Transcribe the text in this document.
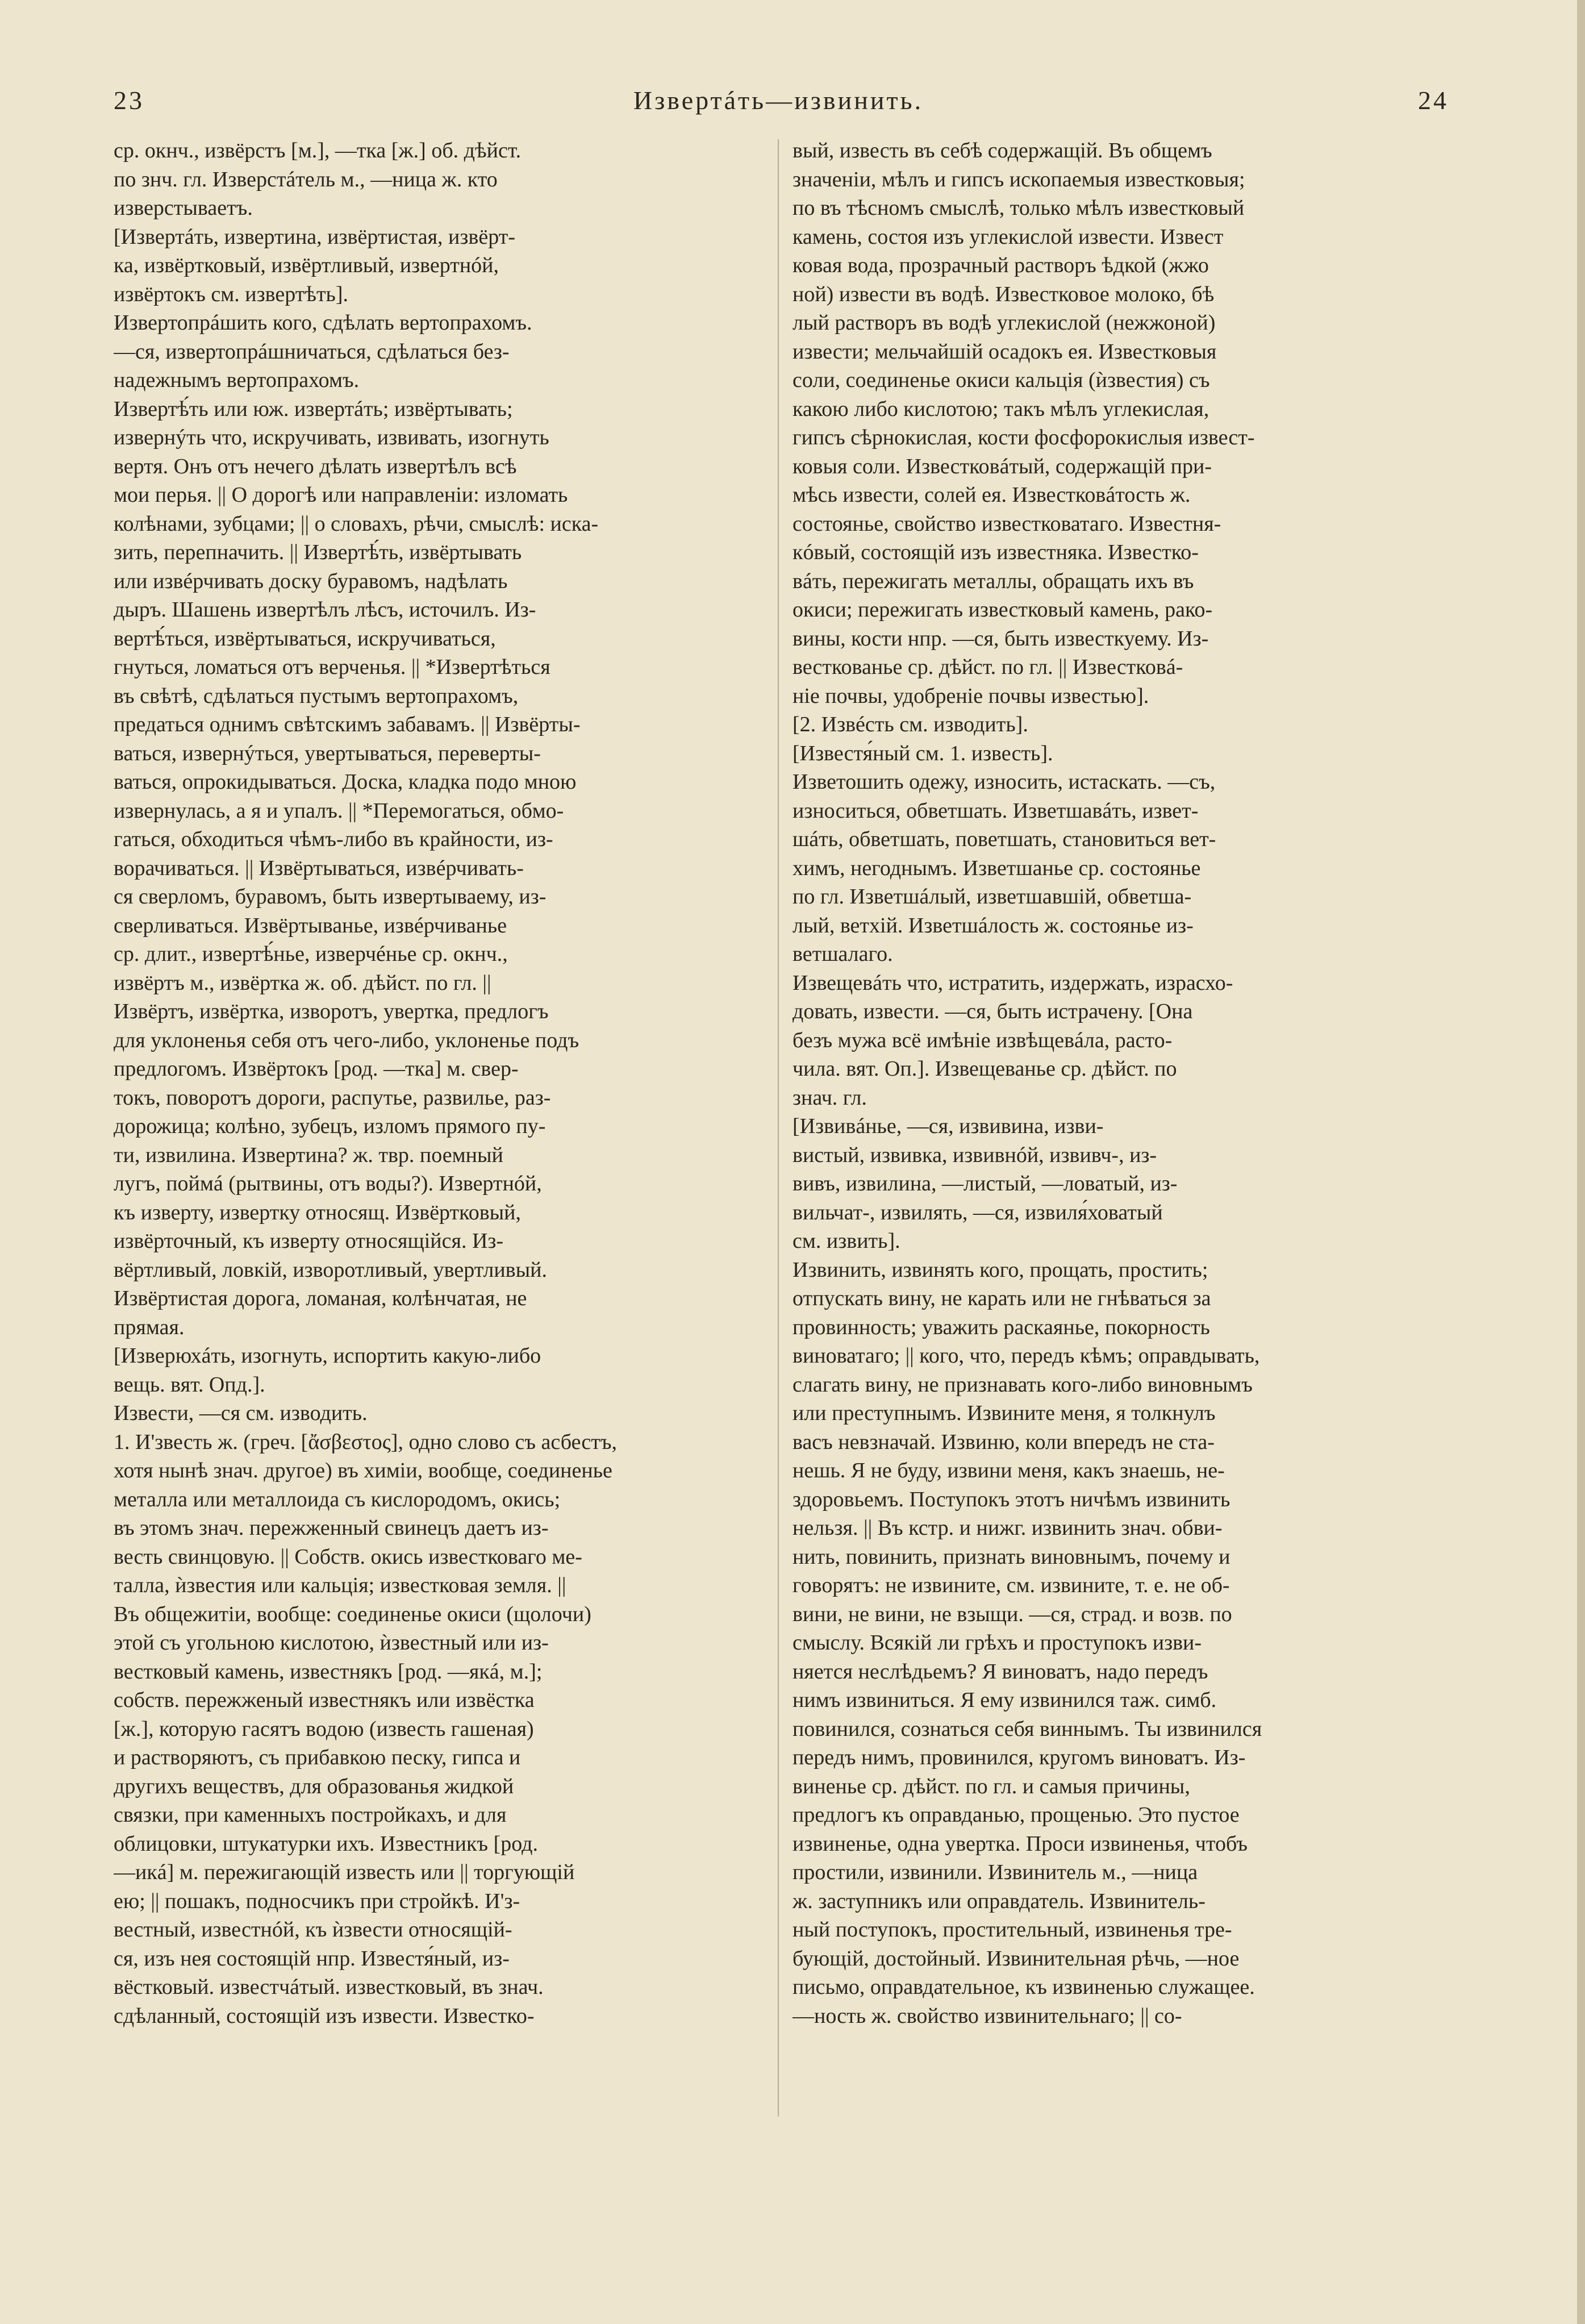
23	Извертáть—извинить.	24
ср. окнч., извёрстъ [м.], —тка [ж.] об. дѣйст.
по знч. гл. Изверстáтель м., —ница ж. кто
изверстываетъ.
[Извертáть, извертина, извёртистая, извёрт-
ка, извёртковый, извёртливый, извертнóй,
извёртокъ см. извертѣть].
Извертопрáшить кого, сдѣлать вертопрахомъ.
—ся, извертопрáшничаться, сдѣлаться без-
надежнымъ вертопрахомъ.
Извертѣ́ть или юж. извертáть; извёртывать;
извернýть что, искручивать, извивать, изогнуть
вертя. Онъ отъ нечего дѣлать извертѣлъ всѣ
мои перья. || О дорогѣ или направленіи: изломать
колѣнами, зубцами; || о словахъ, рѣчи, смыслѣ: иска-
зить, перепначить. || Извертѣ́ть, извёртывать
или извéрчивать доску буравомъ, надѣлать
дыръ. Шашень извертѣлъ лѣсъ, источилъ. Из-
вертѣ́ться, извёртываться, искручиваться,
гнуться, ломаться отъ верченья. || *Извертѣться
въ свѣтѣ, сдѣлаться пустымъ вертопрахомъ,
предаться однимъ свѣтскимъ забавамъ. || Извёрты-
ваться, извернýться, увертываться, переверты-
ваться, опрокидываться. Доска, кладка подо мною
извернулась, а я и упалъ. || *Перемогаться, обмо-
гаться, обходиться чѣмъ-либо въ крайности, из-
ворачиваться. || Извёртываться, извéрчивать-
ся сверломъ, буравомъ, быть извертываему, из-
сверливаться. Извёртыванье, извéрчиванье
ср. длит., извертѣ́нье, изверчéнье ср. окнч.,
извёртъ м., извёртка ж. об. дѣйст. по гл. ||
Извёртъ, извёртка, изворотъ, увертка, предлогъ
для уклоненья себя отъ чего-либо, уклоненье подъ
предлогомъ. Извёртокъ [род. —тка] м. свер-
токъ, поворотъ дороги, распутье, развилье, раз-
дорожица; колѣно, зубецъ, изломъ прямого пу-
ти, извилина. Извертина? ж. твр. поемный
лугъ, поймá (рытвины, отъ воды?). Извертнóй,
къ изверту, извертку относящ. Извёртковый,
извёрточный, къ изверту относящійся. Из-
вёртливый, ловкій, изворотливый, увертливый.
Извёртистая дорога, ломаная, колѣнчатая, не
прямая.
[Изверюхáть, изогнуть, испортить какую-либо
вещь. вят. Опд.].
Извести, —ся см. изводить.
1. И'звесть ж. (греч. [ἄσβεστος], одно слово съ асбестъ,
хотя нынѣ знач. другое) въ химіи, вообще, соединенье
металла или металлоида съ кислородомъ, окись;
въ этомъ знач. пережженный свинецъ даетъ из-
весть свинцовую. || Собств. окись известковаго ме-
талла, ѝзвестия или кальція; известковая земля. ||
Въ общежитіи, вообще: соединенье окиси (щолочи)
этой съ угольною кислотою, ѝзвестный или из-
вестковый камень, известнякъ [род. —якá, м.];
собств. пережженый известнякъ или извёстка
[ж.], которую гасятъ водою (известь гашеная)
и растворяютъ, съ прибавкою песку, гипса и
другихъ веществъ, для образованья жидкой
связки, при каменныхъ постройкахъ, и для
облицовки, штукатурки ихъ. Известникъ [род.
—икá] м. пережигающій известь или || торгующій
ею; || пошакъ, подносчикъ при стройкѣ. И'з-
вестный, известнóй, къ ѝзвести относящій-
ся, изъ нея состоящій нпр. Известя́ный, из-
вёстковый. известчáтый. известковый, въ знач.
сдѣланный, состоящій изъ извести. Известко-
вый, известь въ себѣ содержащій. Въ общемъ
значеніи, мѣлъ и гипсъ ископаемыя известковыя;
по въ тѣсномъ смыслѣ, только мѣлъ известковый
камень, состоя изъ углекислой извести. Извест
ковая вода, прозрачный растворъ ѣдкой (жжо
ной) извести въ водѣ. Известковое молоко, бѣ
лый растворъ въ водѣ углекислой (нежжоной)
извести; мельчайшій осадокъ ея. Известковыя
соли, соединенье окиси кальція (ѝзвестия) съ
какою либо кислотою; такъ мѣлъ углекислая,
гипсъ сѣрнокислая, кости фосфорокислыя извест-
ковыя соли. Известковáтый, содержащій при-
мѣсь извести, солей ея. Известковáтость ж.
состоянье, свойство известковатаго. Известня-
кóвый, состоящій изъ известняка. Известко-
вáть, пережигать металлы, обращать ихъ въ
окиси; пережигать известковый камень, рако-
вины, кости нпр. —ся, быть известкуему. Из-
весткованье ср. дѣйст. по гл. || Известковá-
ніе почвы, удобреніе почвы известью].
[2. Извéсть см. изводить].
[Известя́ный см. 1. известь].
Изветошить одежу, износить, истаскать. —съ,
износиться, обветшать. Изветшавáть, извет-
шáть, обветшать, поветшать, становиться вет-
химъ, негоднымъ. Изветшанье ср. состоянье
по гл. Изветшáлый, изветшавшій, обветша-
лый, ветхій. Изветшáлость ж. состоянье из-
ветшалаго.
Извещевáть что, истратить, издержать, израсхо-
довать, извести. —ся, быть истрачену. [Она
безъ мужа всё имѣніе извѣщевáла, расто-
чила. вят. Оп.]. Извещеванье ср. дѣйст. по
знач. гл.
[Извивáнье, —ся, извивина, изви-
вистый, извивка, извивнóй, извивч-, из-
вивъ, извилина, —листый, —ловатый, из-
вильчат-, извилять, —ся, извиля́ховатый
см. извить].
Извинить, извинять кого, прощать, простить;
отпускать вину, не карать или не гнѣваться за
провинность; уважить раскаянье, покорность
виноватаго; || кого, что, передъ кѣмъ; оправдывать,
слагать вину, не признавать кого-либо виновнымъ
или преступнымъ. Извините меня, я толкнулъ
васъ невзначай. Извиню, коли впередъ не ста-
нешь. Я не буду, извини меня, какъ знаешь, не-
здоровьемъ. Поступокъ этотъ ничѣмъ извинить
нельзя. || Въ кстр. и нижг. извинить знач. обви-
нить, повинить, признать виновнымъ, почему и
говорятъ: не извините, см. извините, т. е. не об-
вини, не вини, не взыщи. —ся, страд. и возв. по
смыслу. Всякій ли грѣхъ и проступокъ изви-
няется неслѣдьемъ? Я виноватъ, надо передъ
нимъ извиниться. Я ему извинился таж. симб.
повинился, сознаться себя виннымъ. Ты извинился
передъ нимъ, провинился, кругомъ виноватъ. Из-
виненье ср. дѣйст. по гл. и самыя причины,
предлогъ къ оправданью, прощенью. Это пустое
извиненье, одна увертка. Проси извиненья, чтобъ
простили, извинили. Извинитель м., —ница
ж. заступникъ или оправдатель. Извинитель-
ный поступокъ, простительный, извиненья тре-
бующій, достойный. Извинительная рѣчь, —ное
письмо, оправдательное, къ извиненью служащее.
—ность ж. свойство извинительнаго; || со-
